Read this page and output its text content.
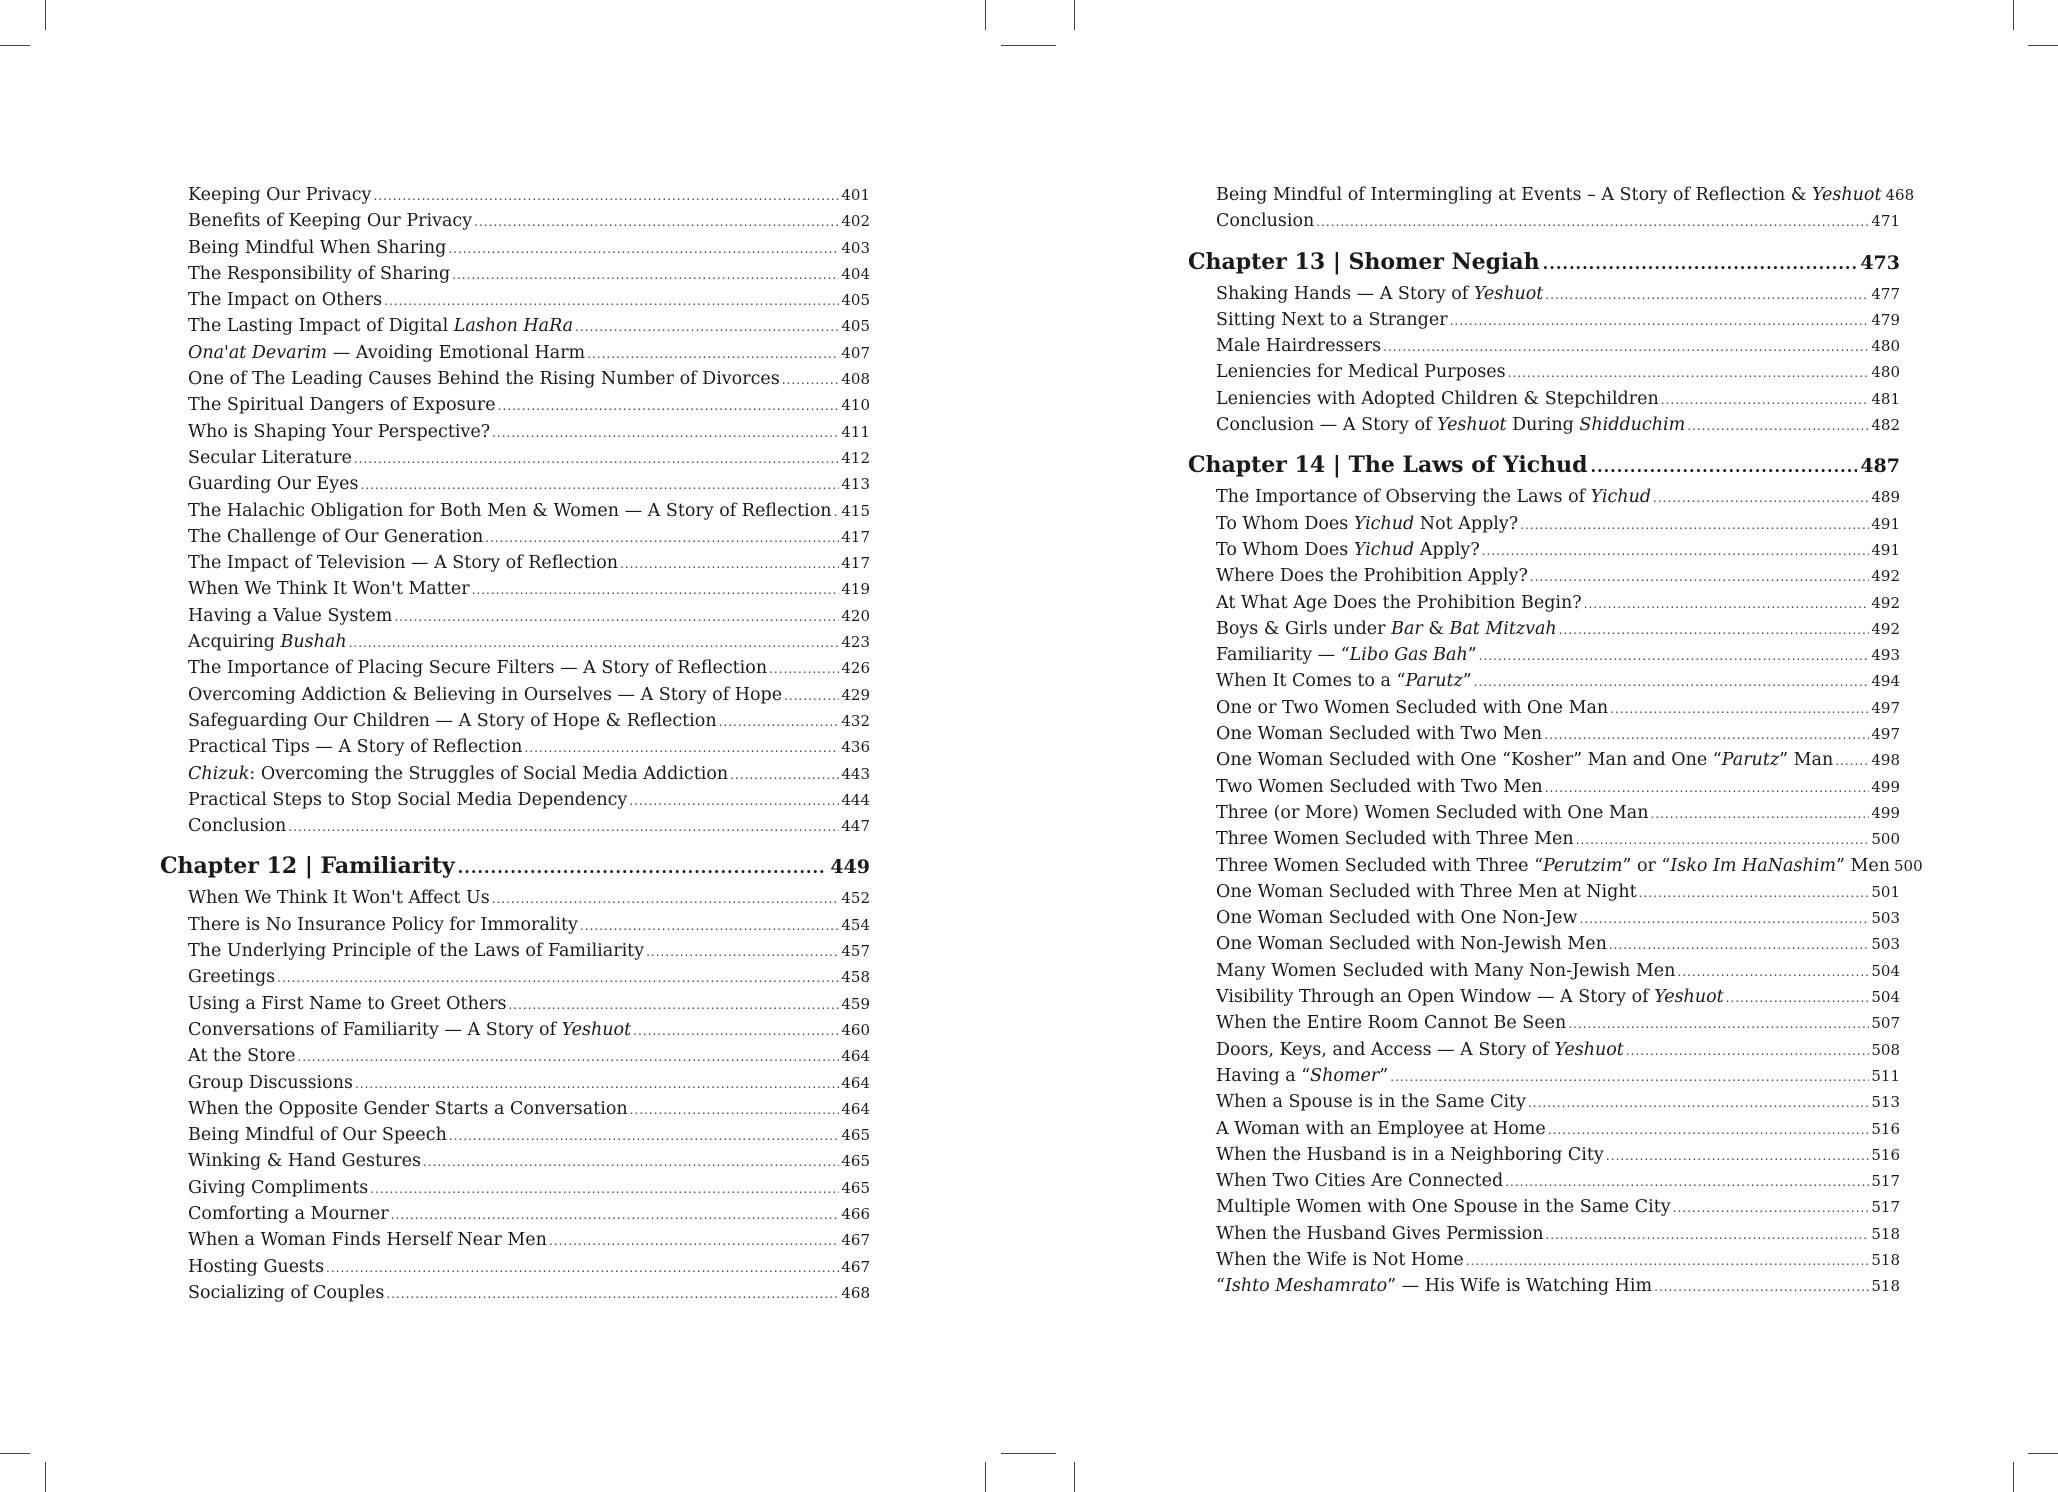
Keeping Our Privacy .....	401
Benefits of Keeping Our Privacy .....	402
Being Mindful When Sharing .....	403
The Responsibility of Sharing .....	404
The Impact on Others .....	405
The Lasting Impact of Digital Lashon HaRa .....	405
Ona'at Devarim — Avoiding Emotional Harm .....	407
One of The Leading Causes Behind the Rising Number of Divorces .....	408
The Spiritual Dangers of Exposure .....	410
Who is Shaping Your Perspective? .....	411
Secular Literature .....	412
Guarding Our Eyes .....	413
The Halachic Obligation for Both Men & Women — A Story of Reflection ..... 415
The Challenge of Our Generation .....	417
The Impact of Television — A Story of Reflection .....	417
When We Think It Won't Matter .....	419
Having a Value System .....	420
Acquiring Bushah .....	423
The Importance of Placing Secure Filters — A Story of Reflection .....	426
Overcoming Addiction & Believing in Ourselves — A Story of Hope .....	429
Safeguarding Our Children — A Story of Hope & Reflection .....	432
Practical Tips — A Story of Reflection .....	436
Chizuk: Overcoming the Struggles of Social Media Addiction .....	443
Practical Steps to Stop Social Media Dependency .....	444
Conclusion .....	447
Chapter 12 | Familiarity .....	449
When We Think It Won't Affect Us .....	452
There is No Insurance Policy for Immorality .....	454
The Underlying Principle of the Laws of Familiarity .....	457
Greetings .....	458
Using a First Name to Greet Others .....	459
Conversations of Familiarity — A Story of Yeshuot .....	460
At the Store .....	464
Group Discussions .....	464
When the Opposite Gender Starts a Conversation .....	464
Being Mindful of Our Speech .....	465
Winking & Hand Gestures .....	465
Giving Compliments .....	465
Comforting a Mourner .....	466
When a Woman Finds Herself Near Men .....	467
Hosting Guests .....	467
Socializing of Couples .....	468
Being Mindful of Intermingling at Events – A Story of Reflection & Yeshuot 468
Conclusion .....	471
Chapter 13 | Shomer Negiah .....	473
Shaking Hands — A Story of Yeshuot .....	477
Sitting Next to a Stranger .....	479
Male Hairdressers .....	480
Leniencies for Medical Purposes .....	480
Leniencies with Adopted Children & Stepchildren .....	481
Conclusion — A Story of Yeshuot During Shidduchim .....	482
Chapter 14 | The Laws of Yichud .....	487
The Importance of Observing the Laws of Yichud .....	489
To Whom Does Yichud Not Apply? .....	491
To Whom Does Yichud Apply? .....	491
Where Does the Prohibition Apply? .....	492
At What Age Does the Prohibition Begin? .....	492
Boys & Girls under Bar & Bat Mitzvah .....	492
Familiarity — “Libo Gas Bah” .....	493
When It Comes to a “Parutz” .....	494
One or Two Women Secluded with One Man .....	497
One Woman Secluded with Two Men .....	497
One Woman Secluded with One “Kosher” Man and One “Parutz” Man .....	498
Two Women Secluded with Two Men .....	499
Three (or More) Women Secluded with One Man .....	499
Three Women Secluded with Three Men .....	500
Three Women Secluded with Three “Perutzim” or “Isko Im HaNashim” Men 500
One Woman Secluded with Three Men at Night .....	501
One Woman Secluded with One Non-Jew .....	503
One Woman Secluded with Non-Jewish Men .....	503
Many Women Secluded with Many Non-Jewish Men .....	504
Visibility Through an Open Window — A Story of Yeshuot .....	504
When the Entire Room Cannot Be Seen .....	507
Doors, Keys, and Access — A Story of Yeshuot .....	508
Having a “Shomer” .....	511
When a Spouse is in the Same City .....	513
A Woman with an Employee at Home .....	516
When the Husband is in a Neighboring City .....	516
When Two Cities Are Connected .....	517
Multiple Women with One Spouse in the Same City .....	517
When the Husband Gives Permission .....	518
When the Wife is Not Home .....	518
“Ishto Meshamrato” — His Wife is Watching Him .....	518
